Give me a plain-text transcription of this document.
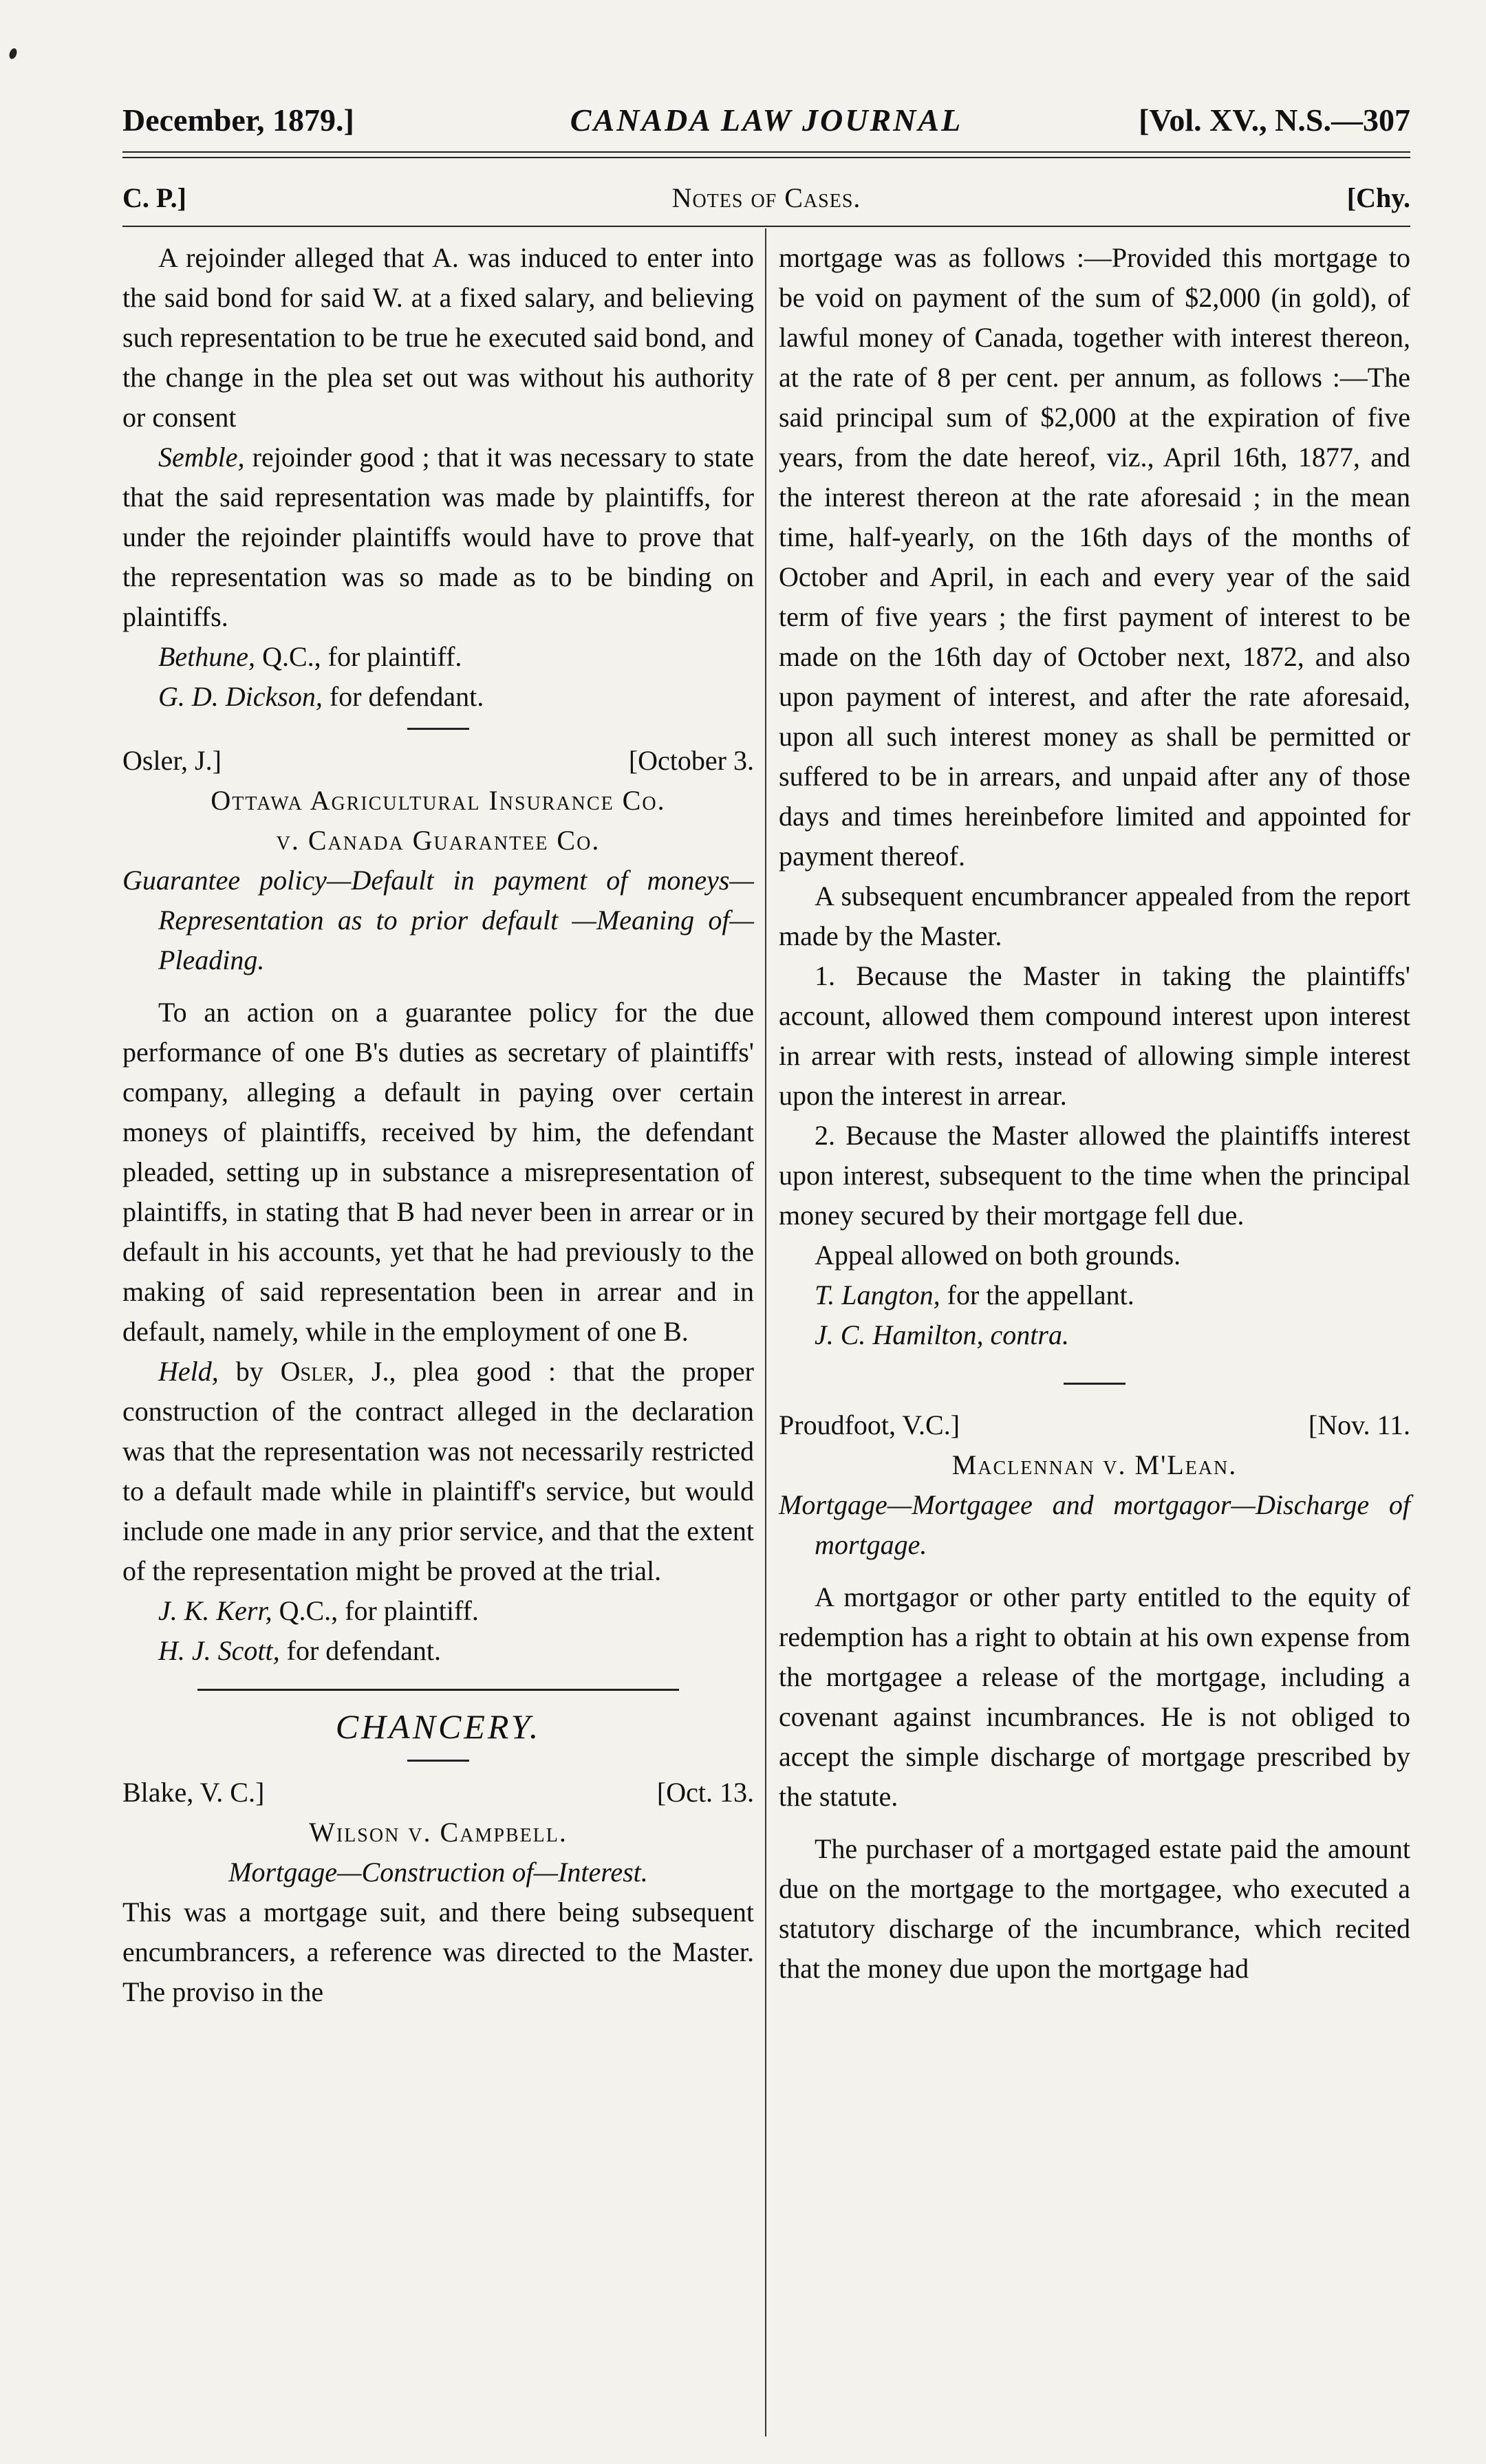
December, 1879.]	CANADA LAW JOURNAL	[Vol. XV., N.S.—307
C. P.]	Notes of Cases.	[Chy.

A rejoinder alleged that A. was induced to enter into the said bond for said W. at a fixed salary, and believing such representation to be true he executed said bond, and the change in the plea set out was without his authority or consent

Semble, rejoinder good ; that it was necessary to state that the said representation was made by plaintiffs, for under the rejoinder plaintiffs would have to prove that the representation was so made as to be binding on plaintiffs.

Bethune, Q.C., for plaintiff.

G. D. Dickson, for defendant.

Osler, J.]	[October 3.

Ottawa Agricultural Insurance Co.

v. Canada Guarantee Co.

Guarantee policy—Default in payment of moneys—Representation as to prior default —Meaning of—Pleading.

To an action on a guarantee policy for the due performance of one B's duties as secretary of plaintiffs' company, alleging a default in paying over certain moneys of plaintiffs, received by him, the defendant pleaded, setting up in substance a misrepresentation of plaintiffs, in stating that B had never been in arrear or in default in his accounts, yet that he had previously to the making of said representation been in arrear and in default, namely, while in the employment of one B.

Held, by Osler, J., plea good : that the proper construction of the contract alleged in the declaration was that the representation was not necessarily restricted to a default made while in plaintiff's service, but would include one made in any prior service, and that the extent of the representation might be proved at the trial.

J. K. Kerr, Q.C., for plaintiff.

H. J. Scott, for defendant.

CHANCERY.

Blake, V. C.]	[Oct. 13.

Wilson v. Campbell.

Mortgage—Construction of—Interest.

This was a mortgage suit, and there being subsequent encumbrancers, a reference was directed to the Master. The proviso in the

mortgage was as follows :—Provided this mortgage to be void on payment of the sum of $2,000 (in gold), of lawful money of Canada, together with interest thereon, at the rate of 8 per cent. per annum, as follows :—The said principal sum of $2,000 at the expiration of five years, from the date hereof, viz., April 16th, 1877, and the interest thereon at the rate aforesaid ; in the mean time, half-yearly, on the 16th days of the months of October and April, in each and every year of the said term of five years ; the first payment of interest to be made on the 16th day of October next, 1872, and also upon payment of interest, and after the rate aforesaid, upon all such interest money as shall be permitted or suffered to be in arrears, and unpaid after any of those days and times hereinbefore limited and appointed for payment thereof.

A subsequent encumbrancer appealed from the report made by the Master.

1. Because the Master in taking the plaintiffs' account, allowed them compound interest upon interest in arrear with rests, instead of allowing simple interest upon the interest in arrear.

2. Because the Master allowed the plaintiffs interest upon interest, subsequent to the time when the principal money secured by their mortgage fell due.

Appeal allowed on both grounds.

T. Langton, for the appellant.

J. C. Hamilton, contra.

Proudfoot, V.C.]	[Nov. 11.

Maclennan v. M'Lean.

Mortgage—Mortgagee and mortgagor—Discharge of mortgage.

A mortgagor or other party entitled to the equity of redemption has a right to obtain at his own expense from the mortgagee a release of the mortgage, including a covenant against incumbrances. He is not obliged to accept the simple discharge of mortgage prescribed by the statute.

The purchaser of a mortgaged estate paid the amount due on the mortgage to the mortgagee, who executed a statutory discharge of the incumbrance, which recited that the money due upon the mortgage had
